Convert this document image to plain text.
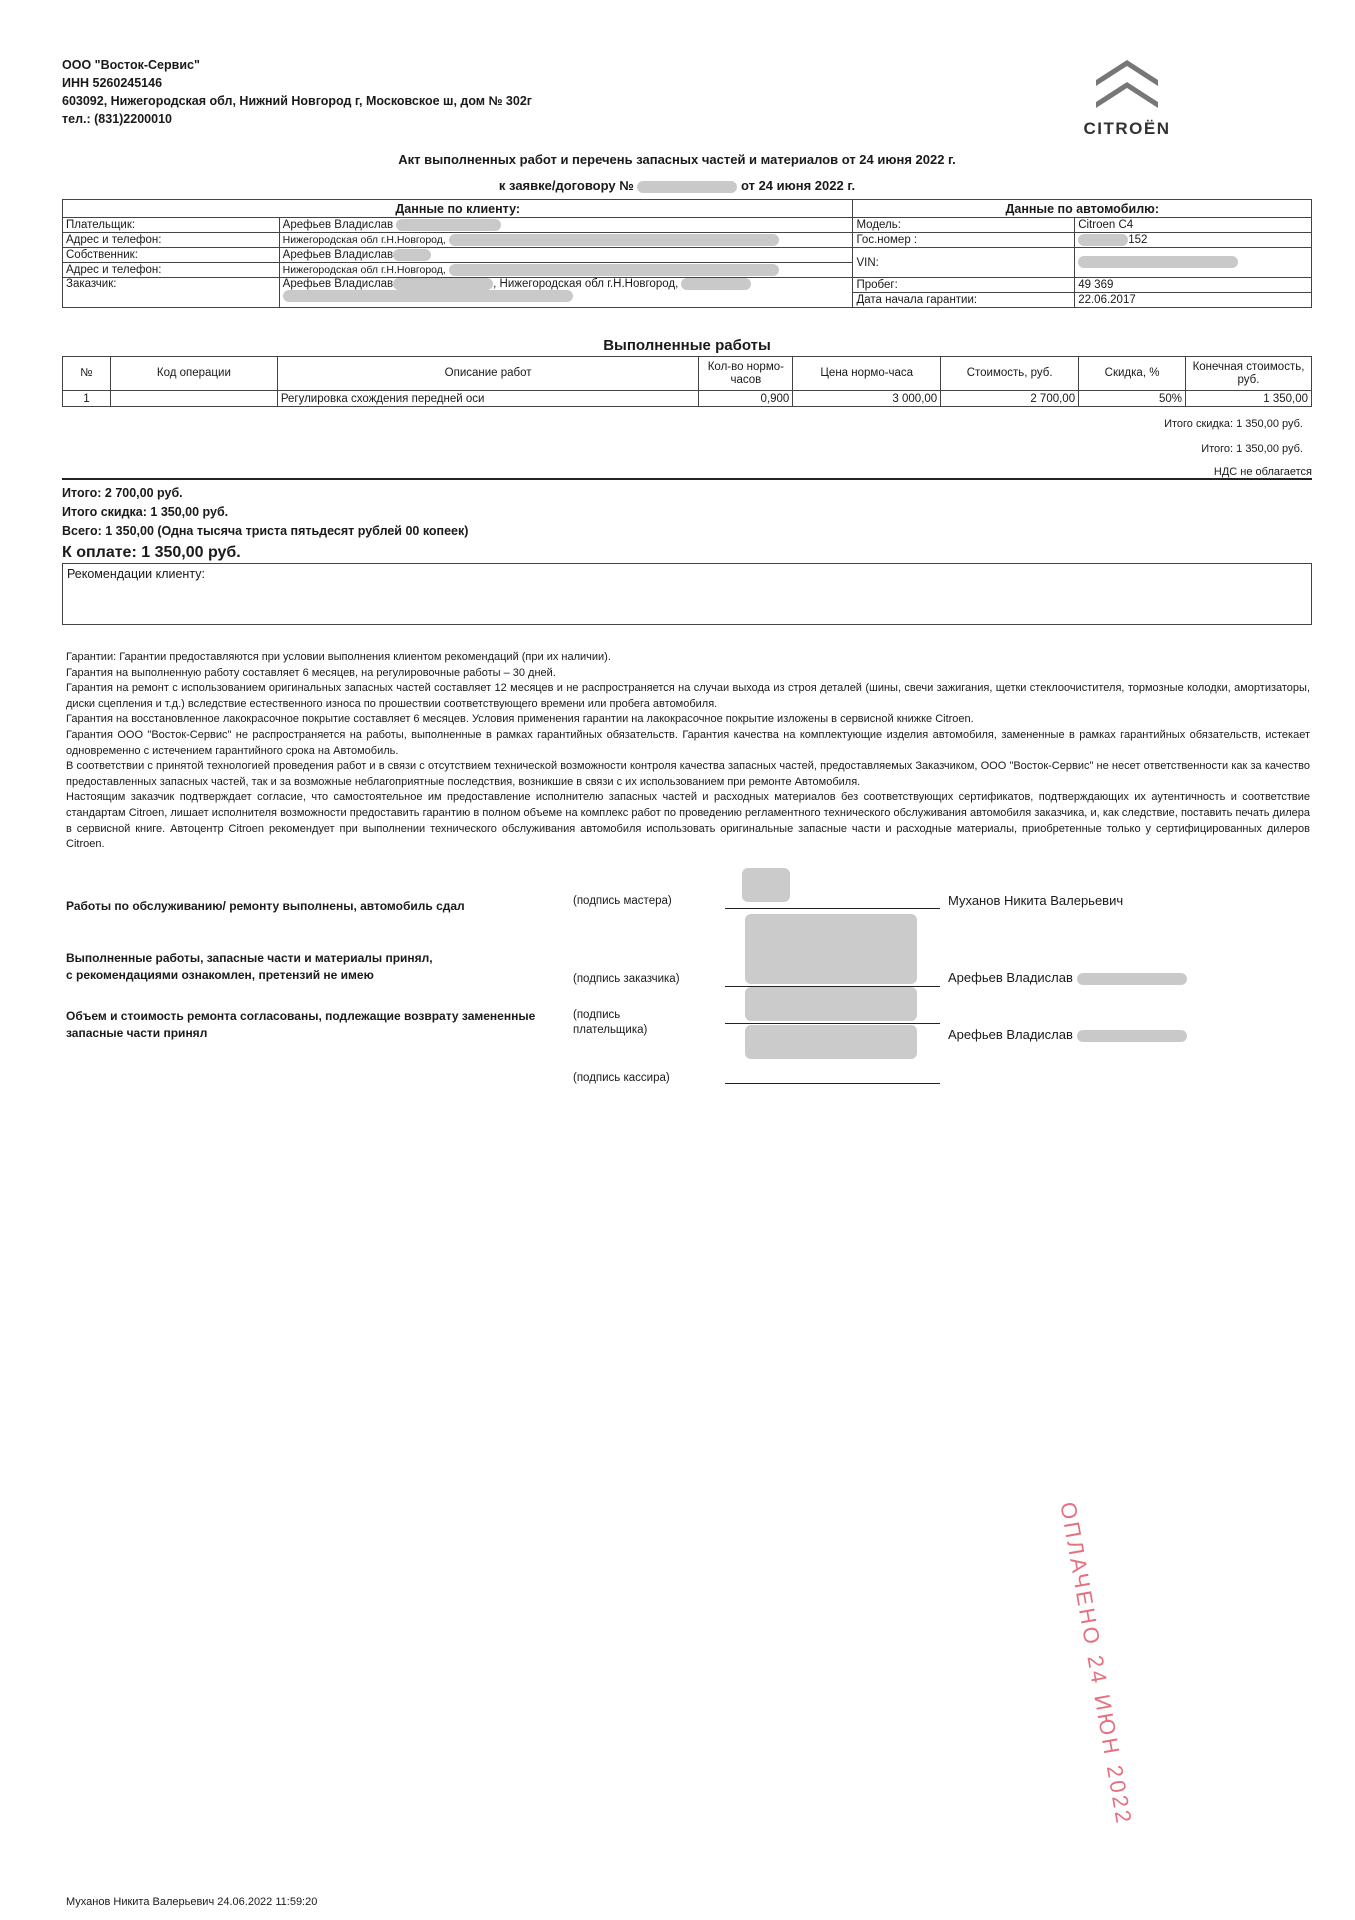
ООО "Восток-Сервис"
ИНН 5260245146
603092, Нижегородская обл, Нижний Новгород г, Московское ш, дом № 302г
тел.: (831)2200010	CITROËN
Акт выполненных работ и перечень запасных частей и материалов от 24 июня 2022 г.
к заявке/договору №	от 24 июня 2022 г.
Данные по клиенту:		Данные по автомобилю:	
Плательщик:	Арефьев Владислав	Модель:	Citroen C4
Адрес и телефон:	Нижегородская обл г.Н.Новгород,	Гос.номер :	152
Собственник:	Арефьев Владислав	VIN:	
Адрес и телефон:	Нижегородская обл г.Н.Новгород,		
Заказчик:	Арефьев Владислав , Нижегородская обл г.Н.Новгород,	Пробег:	49 369
		Дата начала гарантии:	22.06.2017
Выполненные работы
№	Код операции	Описание работ	Кол-во нормо-часов	Цена нормо-часа	Стоимость, руб.	Скидка, %	Конечная стоимость, руб.
1		Регулировка схождения передней оси	0,900	3 000,00	2 700,00	50%	1 350,00
Итого скидка: 1 350,00 руб.
Итого: 1 350,00 руб.
НДС не облагается
Итого: 2 700,00 руб.
Итого скидка: 1 350,00 руб.
Всего: 1 350,00 (Одна тысяча триста пятьдесят рублей 00 копеек)
К оплате: 1 350,00 руб.
Рекомендации клиенту:

Гарантии: Гарантии предоставляются при условии выполнения клиентом рекомендаций (при их наличии).

Гарантия на выполненную работу составляет 6 месяцев, на регулировочные работы – 30 дней.

Гарантия на ремонт с использованием оригинальных запасных частей составляет 12 месяцев и не распространяется на случаи выхода из строя деталей (шины, свечи зажигания, щетки стеклоочистителя, тормозные колодки, амортизаторы, диски сцепления и т.д.) вследствие естественного износа по прошествии соответствующего времени или пробега автомобиля.

Гарантия на восстановленное лакокрасочное покрытие составляет 6 месяцев. Условия применения гарантии на лакокрасочное покрытие изложены в сервисной книжке Citroen.

Гарантия ООО "Восток-Сервис" не распространяется на работы, выполненные в рамках гарантийных обязательств. Гарантия качества на комплектующие изделия автомобиля, замененные в рамках гарантийных обязательств, истекает одновременно с истечением гарантийного срока на Автомобиль.

В соответствии с принятой технологией проведения работ и в связи с отсутствием технической возможности контроля качества запасных частей, предоставляемых Заказчиком, ООО "Восток-Сервис" не несет ответственности как за качество предоставленных запасных частей, так и за возможные неблагоприятные последствия, возникшие в связи с их использованием при ремонте Автомобиля.

Настоящим заказчик подтверждает согласие, что самостоятельное им предоставление исполнителю запасных частей и расходных материалов без соответствующих сертификатов, подтверждающих их аутентичность и соответствие стандартам Citroen, лишает исполнителя возможности предоставить гарантию в полном объеме на комплекс работ по проведению регламентного технического обслуживания автомобиля заказчика, и, как следствие, поставить печать дилера в сервисной книге. Автоцентр Citroen рекомендует при выполнении технического обслуживания автомобиля использовать оригинальные запасные части и расходные материалы, приобретенные только у сертифицированных дилеров Citroen.

Работы по обслуживанию/ ремонту выполнены, автомобиль сдал	(подпись мастера)	Муханов Никита Валерьевич
Выполненные работы, запасные части и материалы принял,
с рекомендациями ознакомлен, претензий не имею	(подпись заказчика)	Арефьев Владислав
Объем и стоимость ремонта согласованы, подлежащие возврату замененные
запасные части принял
(подпись
плательщика)	Арефьев Владислав
(подпись кассира)
ОПЛАЧЕНО 24 ИЮН 2022
Муханов Никита Валерьевич 24.06.2022 11:59:20
